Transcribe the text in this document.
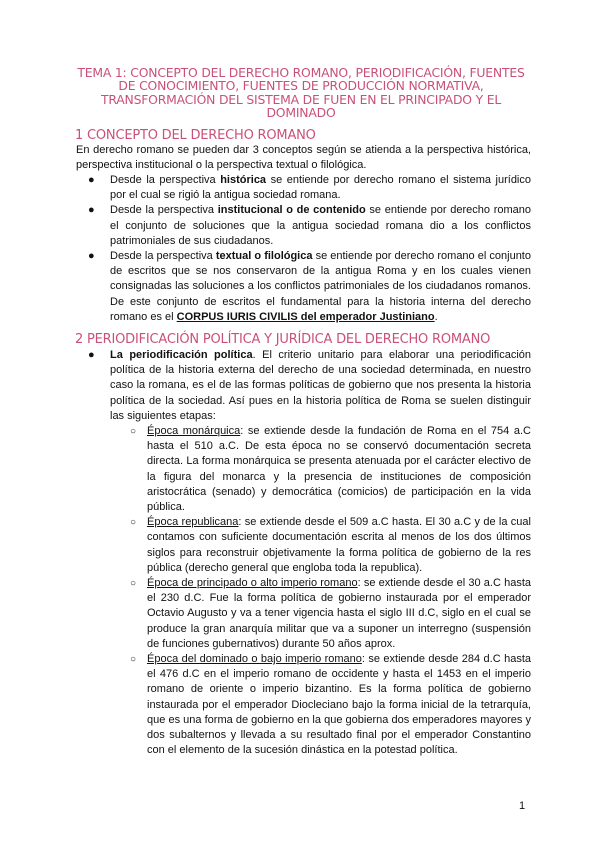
TEMA 1: CONCEPTO DEL DERECHO ROMANO, PERIODIFICACIÓN, FUENTES DE CONOCIMIENTO, FUENTES DE PRODUCCIÓN NORMATIVA, TRANSFORMACIÓN DEL SISTEMA DE FUEN EN EL PRINCIPADO Y EL DOMINADO
1 CONCEPTO DEL DERECHO ROMANO
En derecho romano se pueden dar 3 conceptos según se atienda a la perspectiva histórica, perspectiva institucional o la perspectiva textual o filológica.
● Desde la perspectiva histórica se entiende por derecho romano el sistema jurídico por el cual se rigió la antigua sociedad romana.
● Desde la perspectiva institucional o de contenido se entiende por derecho romano el conjunto de soluciones que la antigua sociedad romana dio a los conflictos patrimoniales de sus ciudadanos.
● Desde la perspectiva textual o filológica se entiende por derecho romano el conjunto de escritos que se nos conservaron de la antigua Roma y en los cuales vienen consignadas las soluciones a los conflictos patrimoniales de los ciudadanos romanos. De este conjunto de escritos el fundamental para la historia interna del derecho romano es el CORPUS IURIS CIVILIS del emperador Justiniano.
2 PERIODIFICACIÓN POLÍTICA Y JURÍDICA DEL DERECHO ROMANO
● La periodificación política. El criterio unitario para elaborar una periodificación política de la historia externa del derecho de una sociedad determinada, en nuestro caso la romana, es el de las formas políticas de gobierno que nos presenta la historia política de la sociedad. Así pues en la historia política de Roma se suelen distinguir las siguientes etapas:
○ Época monárquica: se extiende desde la fundación de Roma en el 754 a.C hasta el 510 a.C. De esta época no se conservó documentación secreta directa. La forma monárquica se presenta atenuada por el carácter electivo de la figura del monarca y la presencia de instituciones de composición aristocrática (senado) y democrática (comicios) de participación en la vida pública.
○ Época republicana: se extiende desde el 509 a.C hasta. El 30 a.C y de la cual contamos con suficiente documentación escrita al menos de los dos últimos siglos para reconstruir objetivamente la forma política de gobierno de la res pública (derecho general que engloba toda la republica).
○ Época de principado o alto imperio romano: se extiende desde el 30 a.C hasta el 230 d.C. Fue la forma política de gobierno instaurada por el emperador Octavio Augusto y va a tener vigencia hasta el siglo III d.C, siglo en el cual se produce la gran anarquía militar que va a suponer un interregno (suspensión de funciones gubernativos) durante 50 años aprox.
○ Época del dominado o bajo imperio romano: se extiende desde 284 d.C hasta el 476 d.C en el imperio romano de occidente y hasta el 1453 en el imperio romano de oriente o imperio bizantino. Es la forma política de gobierno instaurada por el emperador Diocleciano bajo la forma inicial de la tetrarquía, que es una forma de gobierno en la que gobierna dos emperadores mayores y dos subalternos y llevada a su resultado final por el emperador Constantino con el elemento de la sucesión dinástica en la potestad política.
1
